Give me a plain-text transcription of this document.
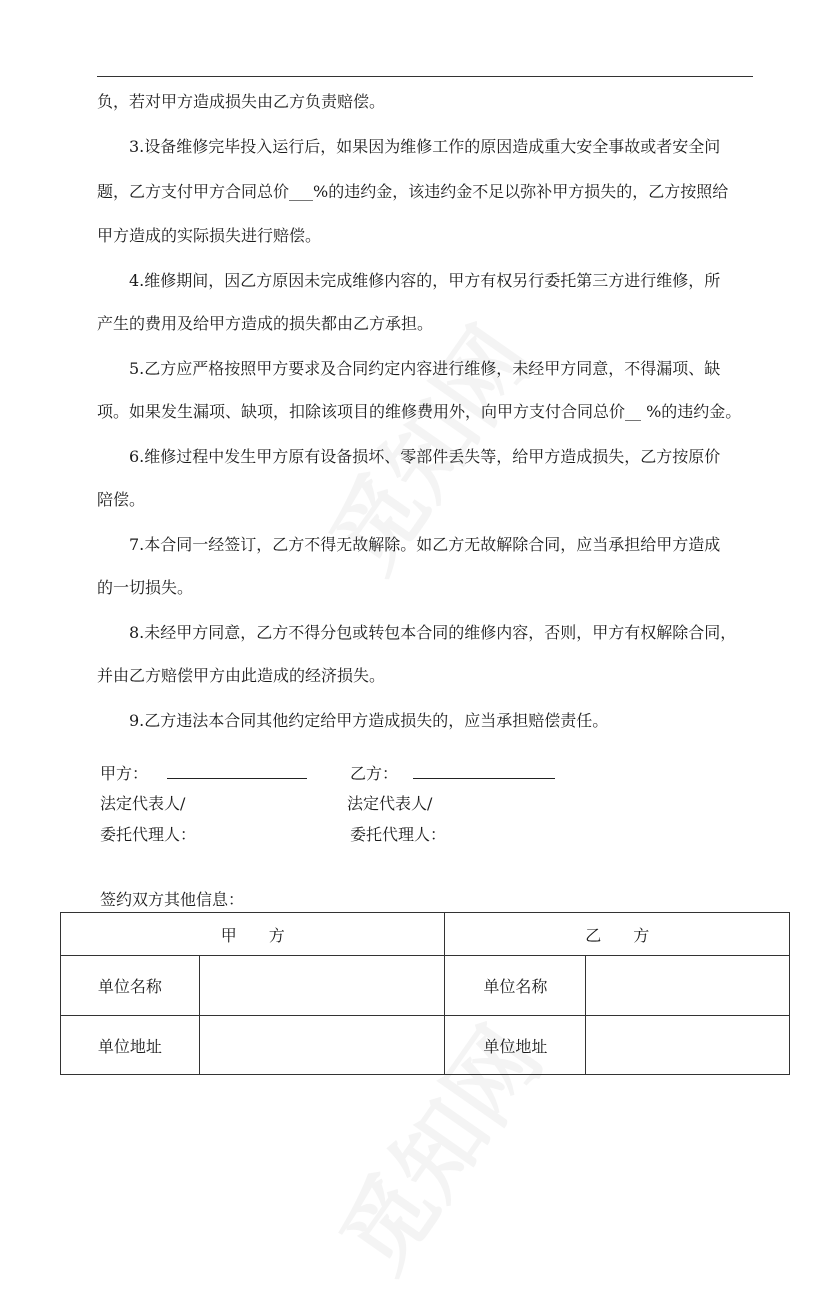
负，若对甲方造成损失由乙方负责赔偿。
　　3.设备维修完毕投入运行后，如果因为维修工作的原因造成重大安全事故或者安全问
题，乙方支付甲方合同总价___%的违约金，该违约金不足以弥补甲方损失的，乙方按照给
甲方造成的实际损失进行赔偿。
　　4.维修期间，因乙方原因未完成维修内容的，甲方有权另行委托第三方进行维修，所
产生的费用及给甲方造成的损失都由乙方承担。
　　5.乙方应严格按照甲方要求及合同约定内容进行维修，未经甲方同意，不得漏项、缺
项。如果发生漏项、缺项，扣除该项目的维修费用外，向甲方支付合同总价__ %的违约金。
　　6.维修过程中发生甲方原有设备损坏、零部件丢失等，给甲方造成损失，乙方按原价
陪偿。
　　7.本合同一经签订，乙方不得无故解除。如乙方无故解除合同，应当承担给甲方造成
的一切损失。
　　8.未经甲方同意，乙方不得分包或转包本合同的维修内容，否则，甲方有权解除合同，
并由乙方赔偿甲方由此造成的经济损失。
　　9.乙方违法本合同其他约定给甲方造成损失的，应当承担赔偿责任。
甲方：	乙方：
法定代表人/	法定代表人/
委托代理人：	委托代理人：
签约双方其他信息：
甲　　方		乙　　方	
单位名称		单位名称	
单位地址		单位地址	
